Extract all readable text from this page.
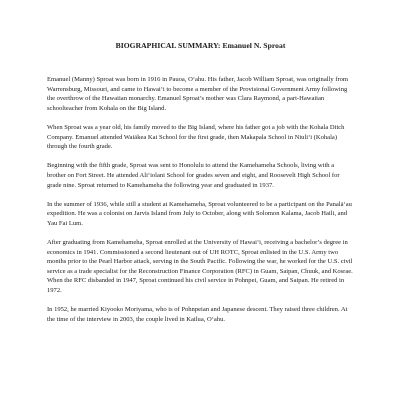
BIOGRAPHICAL SUMMARY: Emanuel N. Sproat

Emanuel (Manny) Sproat was born in 1916 in Pauoa, O‘ahu. His father, Jacob William Sproat, was originally from Warrensburg, Missouri, and came to Hawai‘i to become a member of the Provisional Government Army following the overthrow of the Hawaiian monarchy. Emanuel Sproat’s mother was Clara Raymond, a part-Hawaiian schoolteacher from Kohala on the Big Island.

When Sproat was a year old, his family moved to the Big Island, where his father got a job with the Kohala Ditch Company. Emanuel attended Waiākea Kai School for the first grade, then Makapala School in Niuli‘i (Kohala) through the fourth grade.

Beginning with the fifth grade, Sproat was sent to Honolulu to attend the Kamehameha Schools, living with a brother on Fort Street. He attended Ali‘iolani School for grades seven and eight, and Roosevelt High School for grade nine. Sproat returned to Kamehameha the following year and graduated in 1937.

In the summer of 1936, while still a student at Kamehameha, Sproat volunteered to be a participant on the Panalā‘au expedition. He was a colonist on Jarvis Island from July to October, along with Solomon Kalama, Jacob Haili, and Yau Fai Lum.

After graduating from Kamehameha, Sproat enrolled at the University of Hawai‘i, receiving a bachelor’s degree in economics in 1941. Commissioned a second lieutenant out of UH ROTC, Sproat enlisted in the U.S. Army two months prior to the Pearl Harbor attack, serving in the South Pacific. Following the war, he worked for the U.S. civil service as a trade specialist for the Reconstruction Finance Corporation (RFC) in Guam, Saipan, Chuuk, and Kosrae. When the RFC disbanded in 1947, Sproat continued his civil service in Pohnpei, Guam, and Saipan. He retired in 1972.

In 1952, he married Kiyooko Moriyama, who is of Pohnpeian and Japanese descent. They raised three children. At the time of the interview in 2003, the couple lived in Kailua, O‘ahu.
